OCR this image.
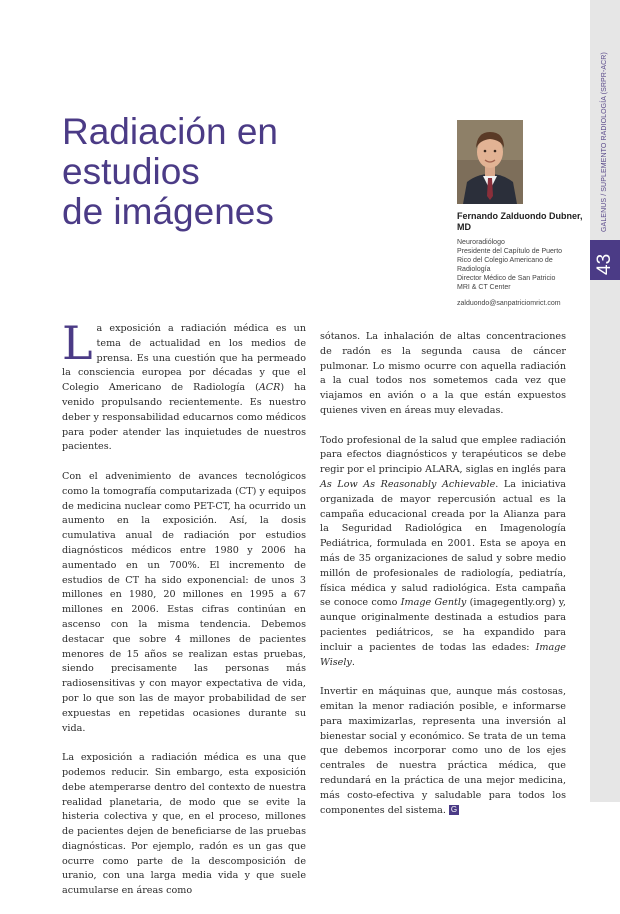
GALENUS / SUPLEMENTO RADIOLOGÍA (SRPR-ACR)
43
Radiación en
estudios
de imágenes	Fernando Zalduondo Dubner, MD

Neuroradiólogo
Presidente del Capítulo de Puerto
Rico del Colegio Americano de
Radiología
Director Médico de San Patricio
MRI & CT Center
zalduondo@sanpatriciomrict.com

La exposición a radiación médica es un tema de actualidad en los medios de prensa. Es una cuestión que ha permeado la consciencia europea por décadas y que el Colegio Americano de Radiología (ACR) ha venido propulsando recientemente. Es nuestro deber y responsabilidad educarnos como médicos para poder atender las inquietudes de nuestros pacientes.

Con el advenimiento de avances tecnológicos como la tomografía computarizada (CT) y equipos de medicina nuclear como PET-CT, ha ocurrido un aumento en la exposición. Así, la dosis cumulativa anual de radiación por estudios diagnósticos médicos entre 1980 y 2006 ha aumentado en un 700%. El incremento de estudios de CT ha sido exponencial: de unos 3 millones en 1980, 20 millones en 1995 a 67 millones en 2006. Estas cifras continúan en ascenso con la misma tendencia. Debemos destacar que sobre 4 millones de pacientes menores de 15 años se realizan estas pruebas, siendo precisamente las personas más radiosensitivas y con mayor expectativa de vida, por lo que son las de mayor probabilidad de ser expuestas en repetidas ocasiones durante su vida.

La exposición a radiación médica es una que podemos reducir. Sin embargo, esta exposición debe atemperarse dentro del contexto de nuestra realidad planetaria, de modo que se evite la histeria colectiva y que, en el proceso, millones de pacientes dejen de beneficiarse de las pruebas diagnósticas. Por ejemplo, radón es un gas que ocurre como parte de la descomposición de uranio, con una larga media vida y que suele acumularse en áreas como

sótanos. La inhalación de altas concentraciones de radón es la segunda causa de cáncer pulmonar. Lo mismo ocurre con aquella radiación a la cual todos nos sometemos cada vez que viajamos en avión o a la que están expuestos quienes viven en áreas muy elevadas.

Todo profesional de la salud que emplee radiación para efectos diagnósticos y terapéuticos se debe regir por el principio ALARA, siglas en inglés para As Low As Reasonably Achievable. La iniciativa organizada de mayor repercusión actual es la campaña educacional creada por la Alianza para la Seguridad Radiológica en Imagenología Pediátrica, formulada en 2001. Esta se apoya en más de 35 organizaciones de salud y sobre medio millón de profesionales de radiología, pediatría, física médica y salud radiológica. Esta campaña se conoce como Image Gently (imagegently.org) y, aunque originalmente destinada a estudios para pacientes pediátricos, se ha expandido para incluir a pacientes de todas las edades: Image Wisely.

Invertir en máquinas que, aunque más costosas, emitan la menor radiación posible, e informarse para maximizarlas, representa una inversión al bienestar social y económico. Se trata de un tema que debemos incorporar como uno de los ejes centrales de nuestra práctica médica, que redundará en la práctica de una mejor medicina, más costo-efectiva y saludable para todos los componentes del sistema. G
